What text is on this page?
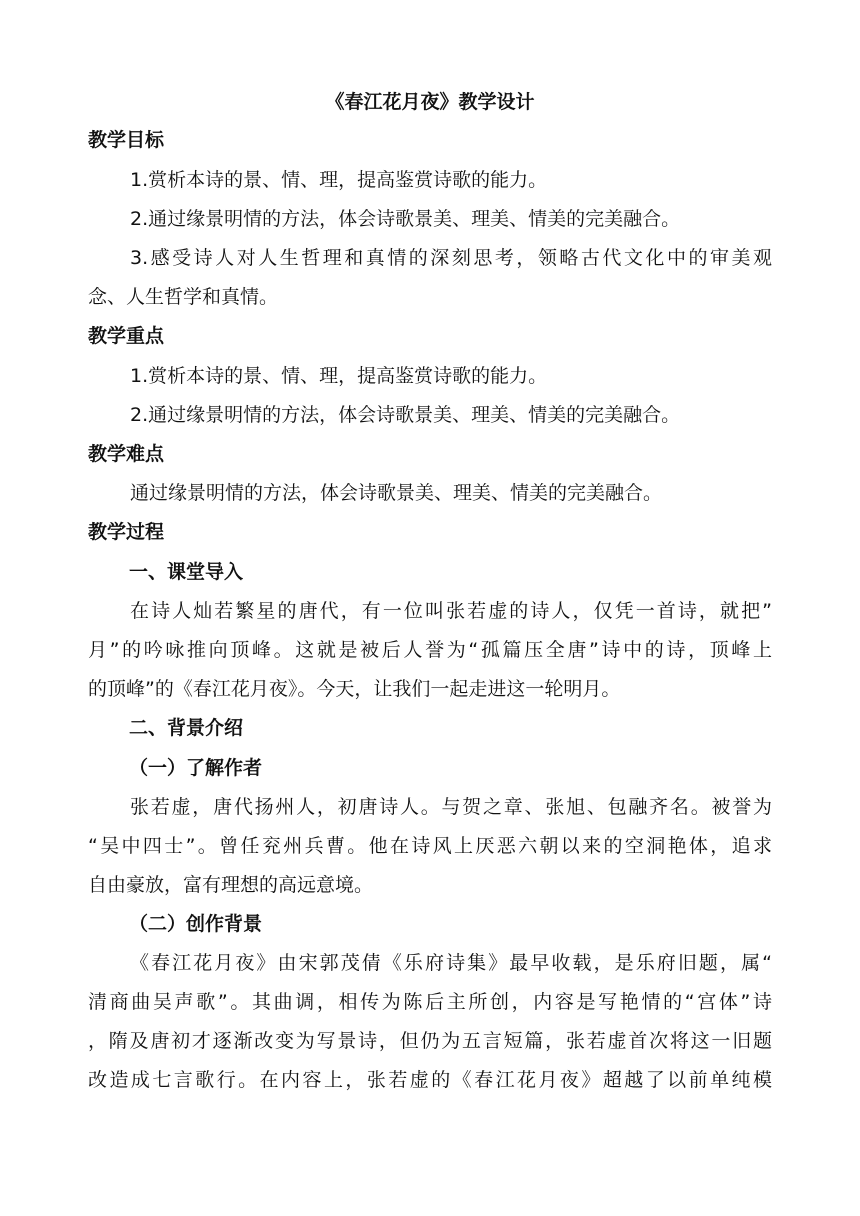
《春江花月夜》教学设计
教学目标
1.赏析本诗的景、情、理，提高鉴赏诗歌的能力。
2.通过缘景明情的方法，体会诗歌景美、理美、情美的完美融合。
3.感受诗人对人生哲理和真情的深刻思考，领略古代文化中的审美观
念、人生哲学和真情。
教学重点
1.赏析本诗的景、情、理，提高鉴赏诗歌的能力。
2.通过缘景明情的方法，体会诗歌景美、理美、情美的完美融合。
教学难点
通过缘景明情的方法，体会诗歌景美、理美、情美的完美融合。
教学过程
一、课堂导入
在诗人灿若繁星的唐代，有一位叫张若虚的诗人，仅凭一首诗，就把”
月”的吟咏推向顶峰。这就是被后人誉为“孤篇压全唐”诗中的诗，顶峰上
的顶峰”的《春江花月夜》。今天，让我们一起走进这一轮明月。
二、背景介绍
（一）了解作者
张若虚，唐代扬州人，初唐诗人。与贺之章、张旭、包融齐名。被誉为
“吴中四士”。曾任兖州兵曹。他在诗风上厌恶六朝以来的空洞艳体，追求
自由豪放，富有理想的高远意境。
（二）创作背景
《春江花月夜》由宋郭茂倩《乐府诗集》最早收载，是乐府旧题，属“
清商曲吴声歌”。其曲调，相传为陈后主所创，内容是写艳情的“宫体”诗
，隋及唐初才逐渐改变为写景诗，但仍为五言短篇，张若虚首次将这一旧题
改造成七言歌行。在内容上，张若虚的《春江花月夜》超越了以前单纯模
